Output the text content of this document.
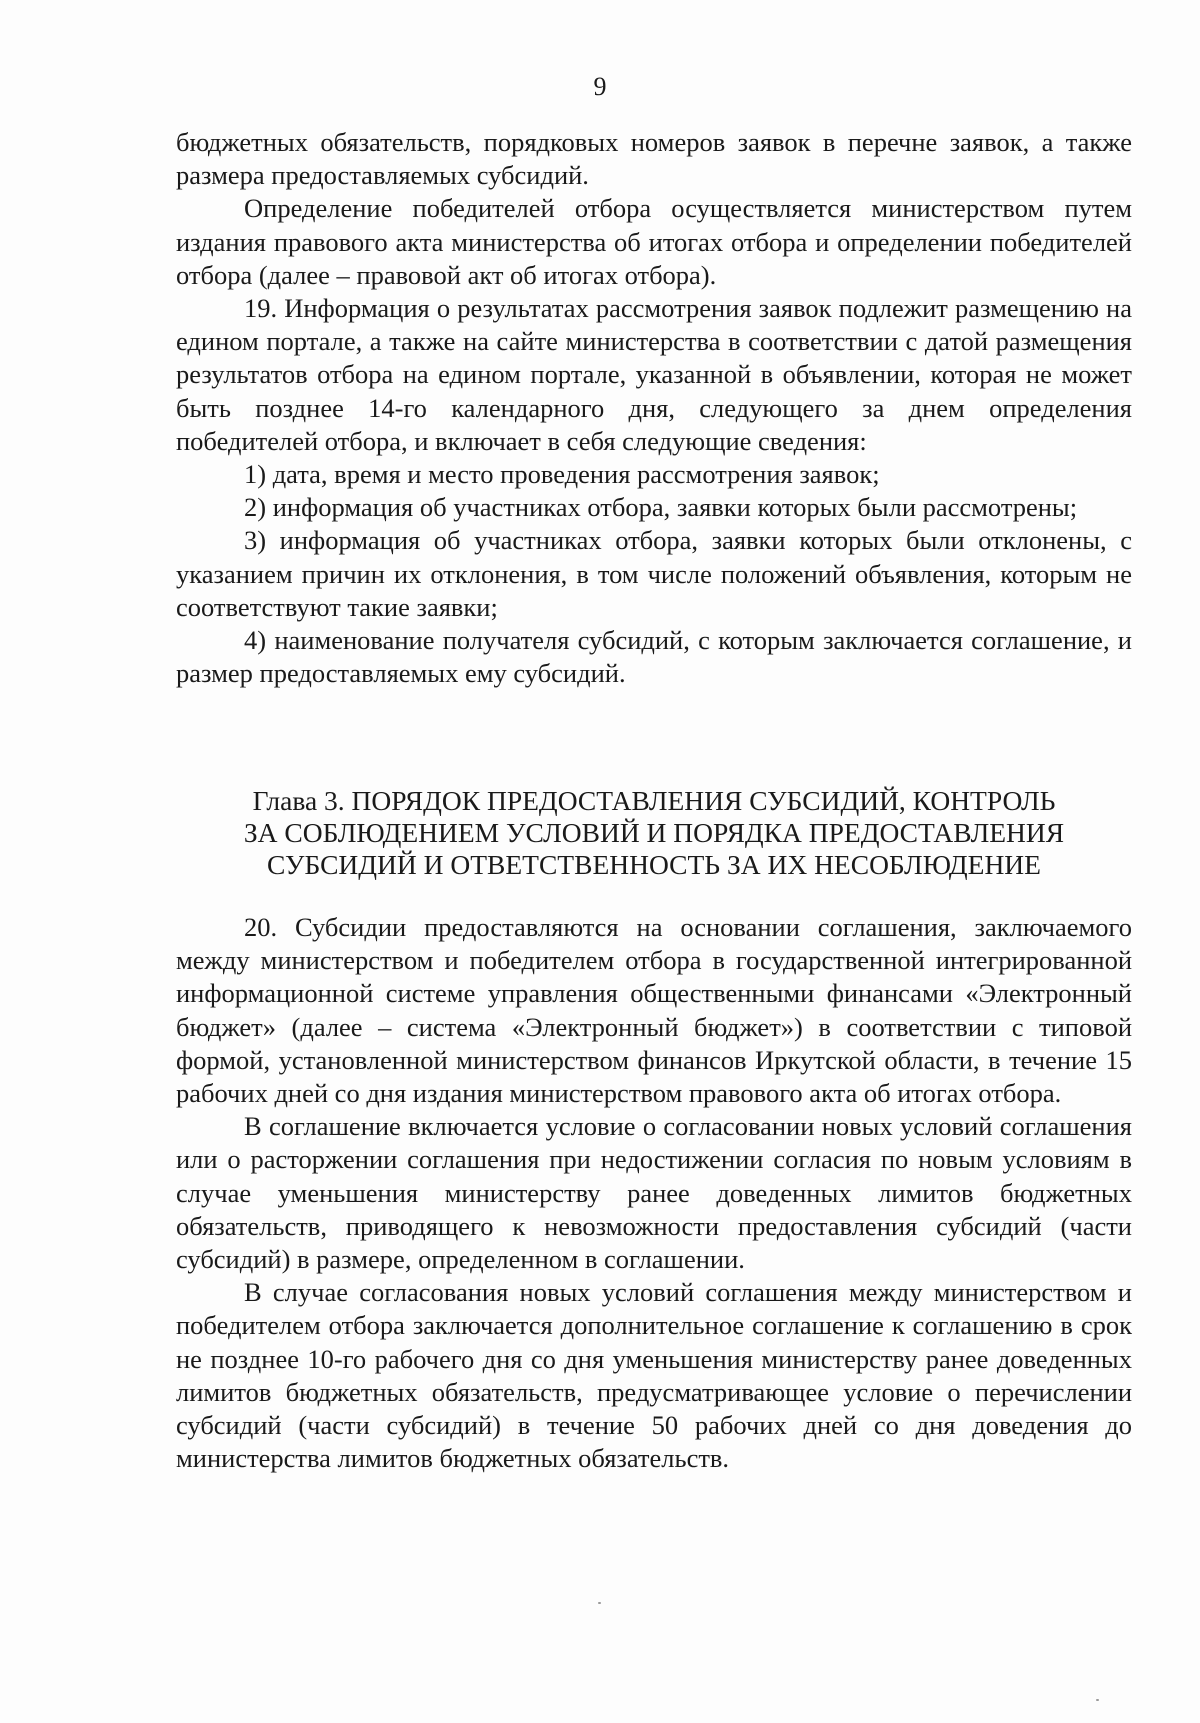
9

бюджетных обязательств, порядковых номеров заявок в перечне заявок, а также размера предоставляемых субсидий.

Определение победителей отбора осуществляется министерством путем издания правового акта министерства об итогах отбора и определении победителей отбора (далее – правовой акт об итогах отбора).

19. Информация о результатах рассмотрения заявок подлежит размещению на едином портале, а также на сайте министерства в соответствии с датой размещения результатов отбора на едином портале, указанной в объявлении, которая не может быть позднее 14-го календарного дня, следующего за днем определения победителей отбора, и включает в себя следующие сведения:

1) дата, время и место проведения рассмотрения заявок;

2) информация об участниках отбора, заявки которых были рассмотрены;

3) информация об участниках отбора, заявки которых были отклонены, с указанием причин их отклонения, в том числе положений объявления, которым не соответствуют такие заявки;

4) наименование получателя субсидий, с которым заключается соглашение, и размер предоставляемых ему субсидий.

Глава 3. ПОРЯДОК ПРЕДОСТАВЛЕНИЯ СУБСИДИЙ, КОНТРОЛЬ
ЗА СОБЛЮДЕНИЕМ УСЛОВИЙ И ПОРЯДКА ПРЕДОСТАВЛЕНИЯ
СУБСИДИЙ И ОТВЕТСТВЕННОСТЬ ЗА ИХ НЕСОБЛЮДЕНИЕ

20. Субсидии предоставляются на основании соглашения, заключаемого между министерством и победителем отбора в государственной интегрированной информационной системе управления общественными финансами «Электронный бюджет» (далее – система «Электронный бюджет») в соответствии с типовой формой, установленной министерством финансов Иркутской области, в течение 15 рабочих дней со дня издания министерством правового акта об итогах отбора.

В соглашение включается условие о согласовании новых условий соглашения или о расторжении соглашения при недостижении согласия по новым условиям в случае уменьшения министерству ранее доведенных лимитов бюджетных обязательств, приводящего к невозможности предоставления субсидий (части субсидий) в размере, определенном в соглашении.

В случае согласования новых условий соглашения между министерством и победителем отбора заключается дополнительное соглашение к соглашению в срок не позднее 10-го рабочего дня со дня уменьшения министерству ранее доведенных лимитов бюджетных обязательств, предусматривающее условие о перечислении субсидий (части субсидий) в течение 50 рабочих дней со дня доведения до министерства лимитов бюджетных обязательств.
